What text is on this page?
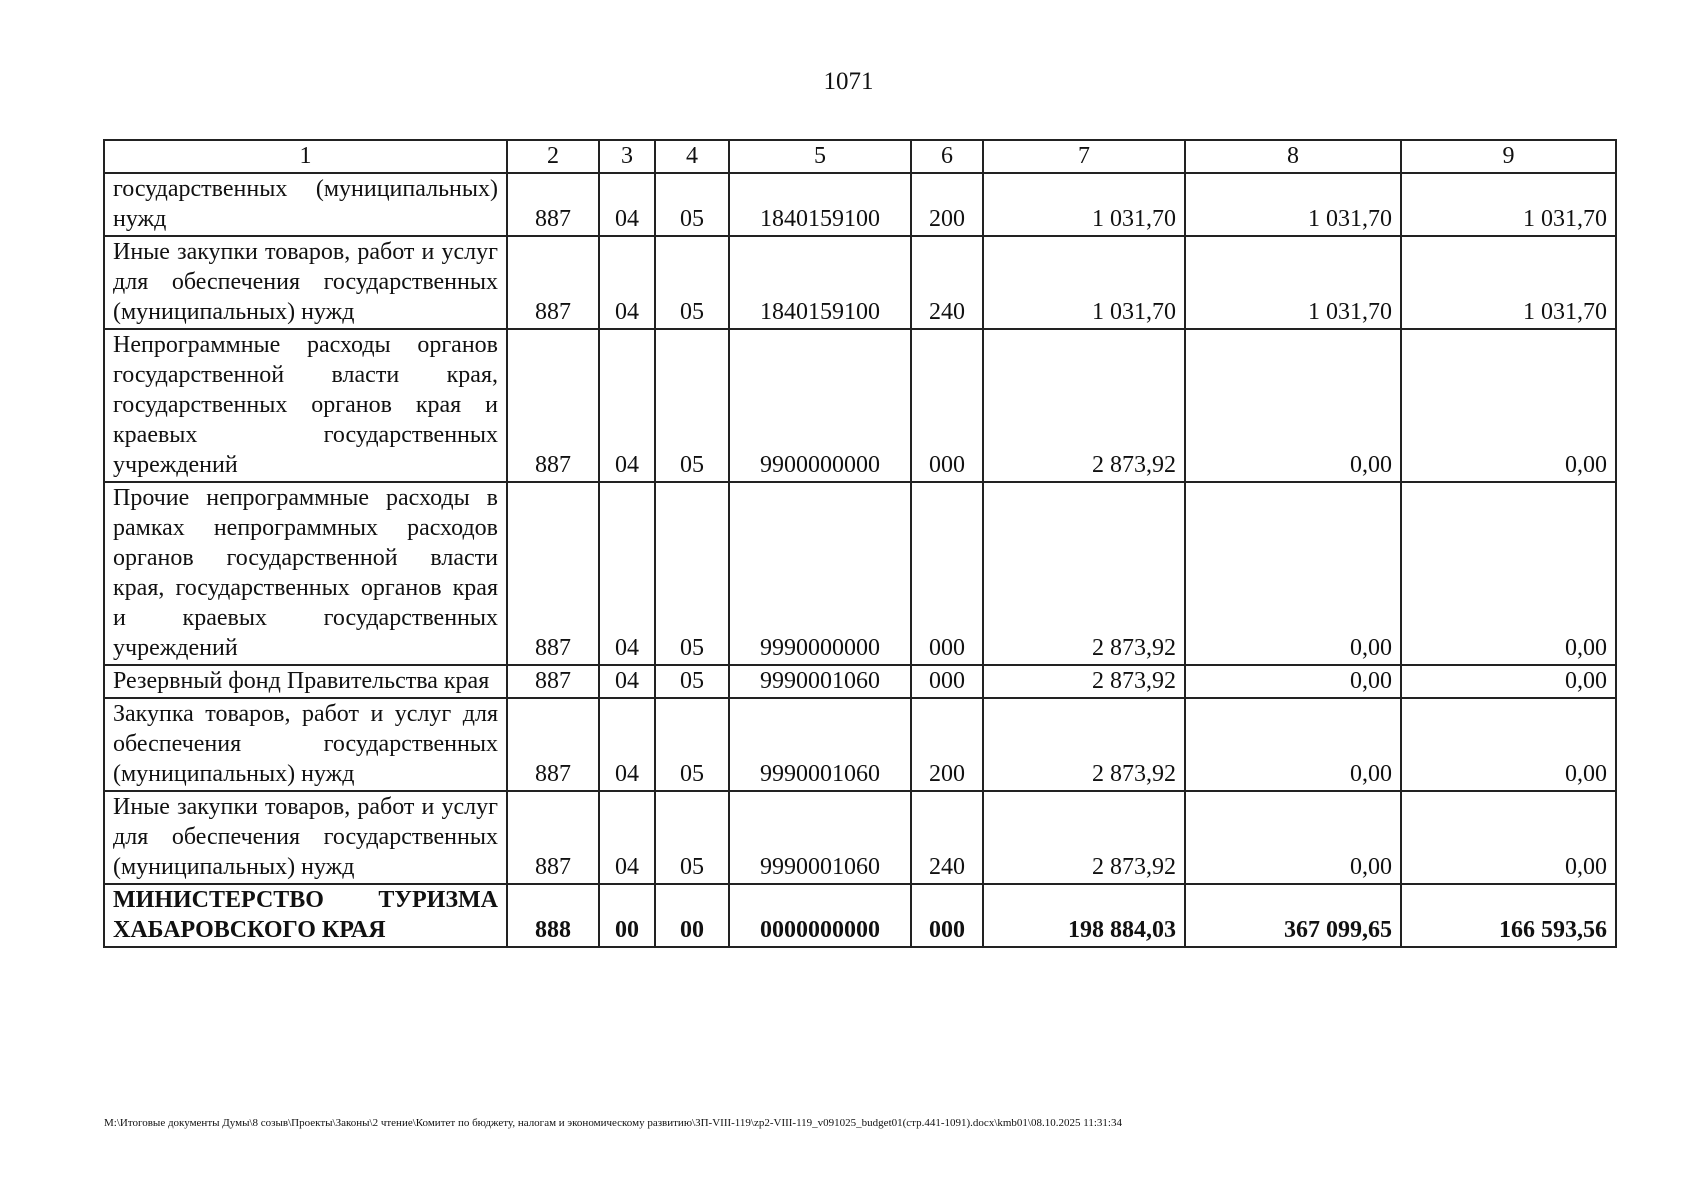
1071
1	2	3	4	5	6	7	8	9
государственных (муниципальных) нужд	887	04	05	1840159100	200	1 031,70	1 031,70	1 031,70
Иные закупки товаров, работ и услуг для обеспечения государственных (муниципальных) нужд	887	04	05	1840159100	240	1 031,70	1 031,70	1 031,70
Непрограммные расходы органов государственной власти края, государственных органов края и краевых государственных учреждений	887	04	05	9900000000	000	2 873,92	0,00	0,00
Прочие непрограммные расходы в рамках непрограммных расходов органов государственной власти края, государственных органов края и краевых государственных учреждений	887	04	05	9990000000	000	2 873,92	0,00	0,00
Резервный фонд Правительства края	887	04	05	9990001060	000	2 873,92	0,00	0,00
Закупка товаров, работ и услуг для обеспечения государственных (муниципальных) нужд	887	04	05	9990001060	200	2 873,92	0,00	0,00
Иные закупки товаров, работ и услуг для обеспечения государственных (муниципальных) нужд	887	04	05	9990001060	240	2 873,92	0,00	0,00
МИНИСТЕРСТВО ТУРИЗМА ХАБАРОВСКОГО КРАЯ	888	00	00	0000000000	000	198 884,03	367 099,65	166 593,56
M:\Итоговые документы Думы\8 созыв\Проекты\Законы\2 чтение\Комитет по бюджету, налогам и экономическому развитию\ЗП-VIII-119\zp2-VIII-119_v091025_budget01(стр.441-1091).docx\kmb01\08.10.2025 11:31:34
